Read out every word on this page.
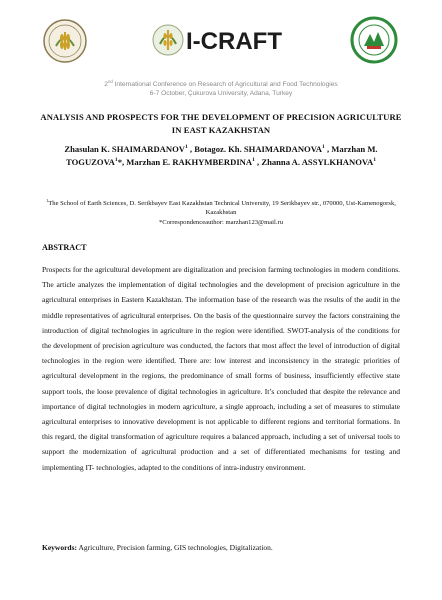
I-CRAFT
2nd International Conference on Research of Agricultural and Food Technologies
6-7 October, Çukurova University, Adana, Turkey
ANALYSIS AND PROSPECTS FOR THE DEVELOPMENT OF PRECISION AGRICULTURE IN EAST KAZAKHSTAN
Zhasulan K. SHAIMARDANOV$^1$ , Botagoz. Kh. SHAIMARDANOVA$^1$ , Marzhan M. TOGUZOVA$^1$*, Marzhan E. RAKHYMBERDINA$^1$ , Zhanna A. ASSYLKHANOVA$^1$
$^1$The School of Earth Sciences, D. Serikbayev East Kazakhstan Technical University, 19 Serikbayev str., 070000, Ust-Kamenogorsk, Kazakhstan
*Correspondenceauthor: marzhan123@mail.ru
ABSTRACT
Prospects for the agricultural development are digitalization and precision farming technologies in modern conditions. The article analyzes the implementation of digital technologies and the development of precision agriculture in the agricultural enterprises in Eastern Kazakhstan. The information base of the research was the results of the audit in the middle representatives of agricultural enterprises. On the basis of the questionnaire survey the factors constraining the introduction of digital technologies in agriculture in the region were identified. SWOT-analysis of the conditions for the development of precision agriculture was conducted, the factors that most affect the level of introduction of digital technologies in the region were identified. There are: low interest and inconsistency in the strategic priorities of agricultural development in the regions, the predominance of small forms of business, insufficiently effective state support tools, the loose prevalence of digital technologies in agriculture. It’s concluded that despite the relevance and importance of digital technologies in modern agriculture, a single approach, including a set of measures to stimulate agricultural enterprises to innovative development is not applicable to different regions and territorial formations. In this regard, the digital transformation of agriculture requires a balanced approach, including a set of universal tools to support the modernization of agricultural production and a set of differentiated mechanisms for testing and implementing IT- technologies, adapted to the conditions of intra-industry environment.
Keywords: Agriculture, Precision farming, GIS technologies, Digitalization.
